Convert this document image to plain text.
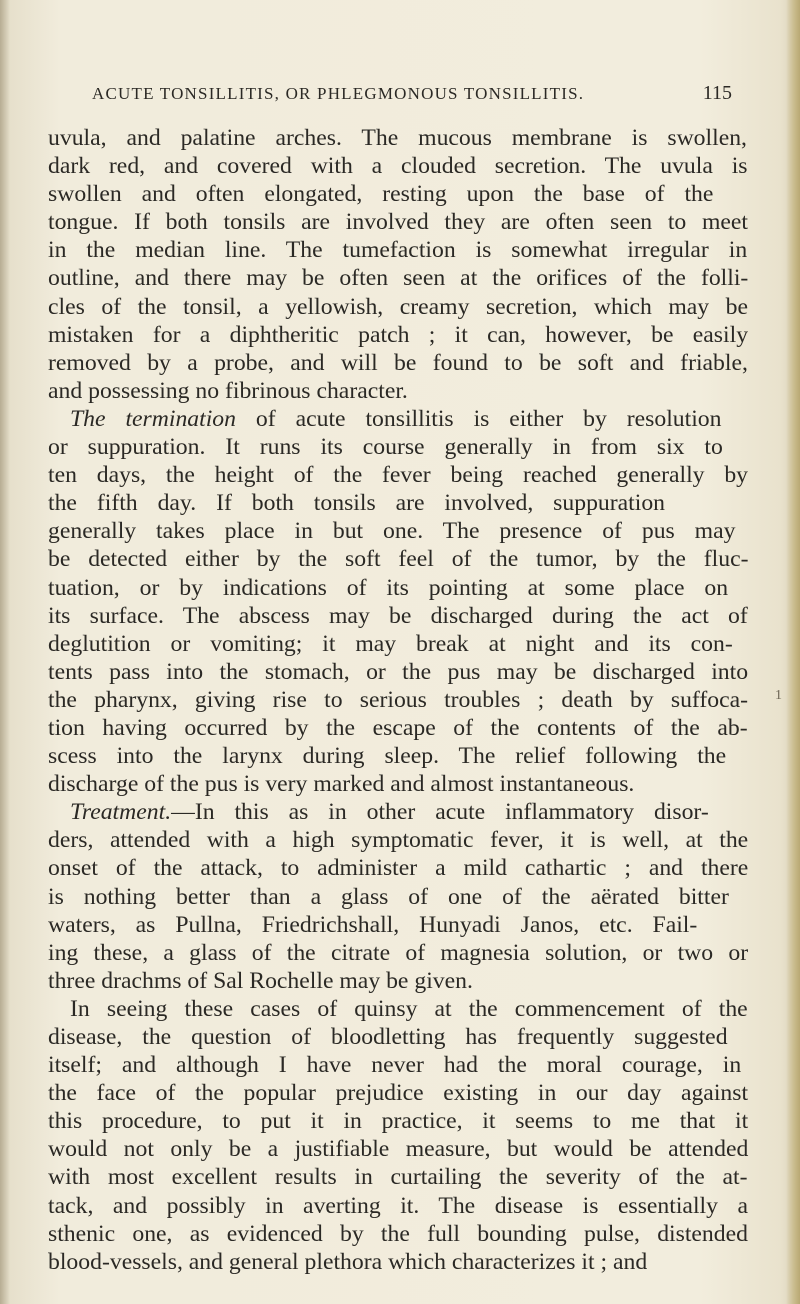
ACUTE TONSILLITIS, OR PHLEGMONOUS TONSILLITIS.	115
uvula, and palatine arches. The mucous membrane is swollen,
dark red, and covered with a clouded secretion. The uvula is
swollen and often elongated, resting upon the base of the
tongue. If both tonsils are involved they are often seen to meet
in the median line. The tumefaction is somewhat irregular in
outline, and there may be often seen at the orifices of the folli-
cles of the tonsil, a yellowish, creamy secretion, which may be
mistaken for a diphtheritic patch ; it can, however, be easily
removed by a probe, and will be found to be soft and friable,
and possessing no fibrinous character.
The termination of acute tonsillitis is either by resolution
or suppuration. It runs its course generally in from six to
ten days, the height of the fever being reached generally by
the fifth day. If both tonsils are involved, suppuration
generally takes place in but one. The presence of pus may
be detected either by the soft feel of the tumor, by the fluc-
tuation, or by indications of its pointing at some place on
its surface. The abscess may be discharged during the act of
deglutition or vomiting; it may break at night and its con-
tents pass into the stomach, or the pus may be discharged into
the pharynx, giving rise to serious troubles ; death by suffoca-
tion having occurred by the escape of the contents of the ab-
scess into the larynx during sleep. The relief following the
discharge of the pus is very marked and almost instantaneous.
Treatment.—In this as in other acute inflammatory disor-
ders, attended with a high symptomatic fever, it is well, at the
onset of the attack, to administer a mild cathartic ; and there
is nothing better than a glass of one of the aërated bitter
waters, as Pullna, Friedrichshall, Hunyadi Janos, etc. Fail-
ing these, a glass of the citrate of magnesia solution, or two or
three drachms of Sal Rochelle may be given.
In seeing these cases of quinsy at the commencement of the
disease, the question of bloodletting has frequently suggested
itself; and although I have never had the moral courage, in
the face of the popular prejudice existing in our day against
this procedure, to put it in practice, it seems to me that it
would not only be a justifiable measure, but would be attended
with most excellent results in curtailing the severity of the at-
tack, and possibly in averting it. The disease is essentially a
sthenic one, as evidenced by the full bounding pulse, distended
blood-vessels, and general plethora which characterizes it ; and
1
